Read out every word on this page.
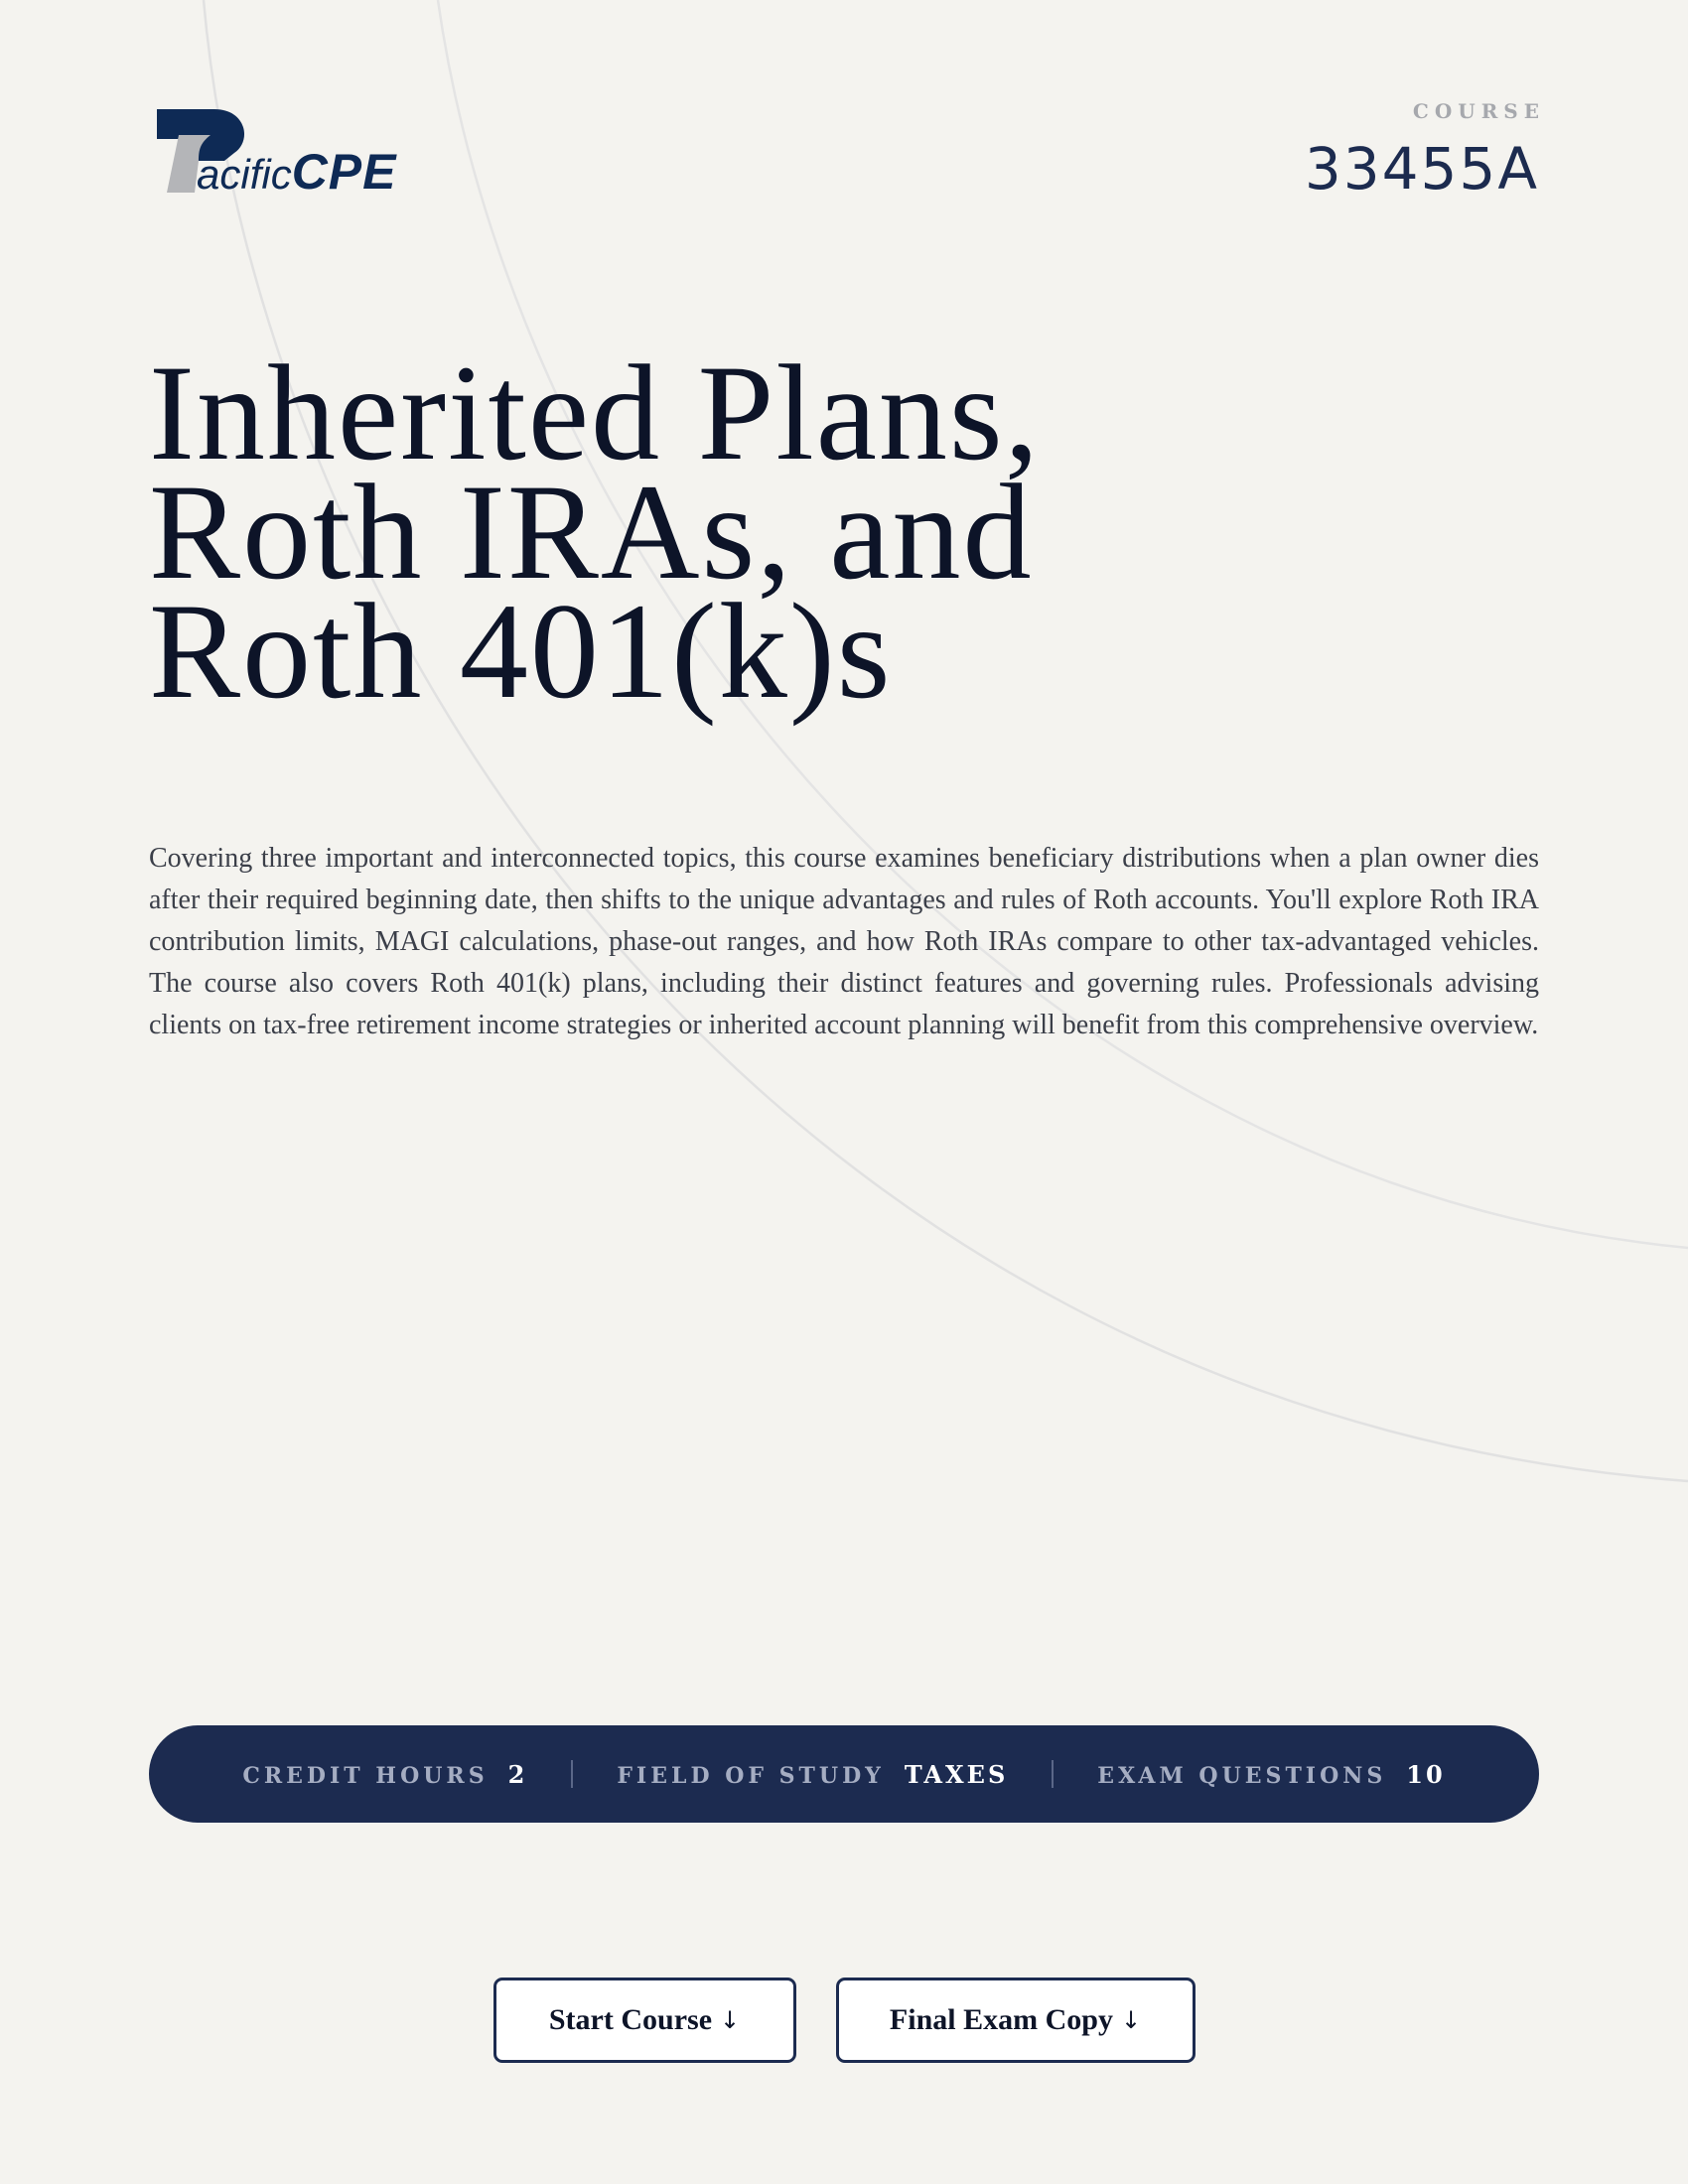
acificCPE
COURSE
33455A
Inherited Plans,
Roth IRAs, and
Roth 401(k)s

Covering three important and interconnected topics, this course examines beneficiary distributions when a plan owner dies after their required beginning date, then shifts to the unique advantages and rules of Roth accounts. You'll explore Roth IRA contribution limits, MAGI calculations, phase-out ranges, and how Roth IRAs compare to other tax-advantaged vehicles. The course also covers Roth 401(k) plans, including their distinct features and governing rules. Professionals advising clients on tax-free retirement income strategies or inherited account planning will benefit from this comprehensive overview.

CREDIT HOURS 2	FIELD OF STUDY TAXES	EXAM QUESTIONS 10
Start Course ↓	Final Exam Copy ↓
